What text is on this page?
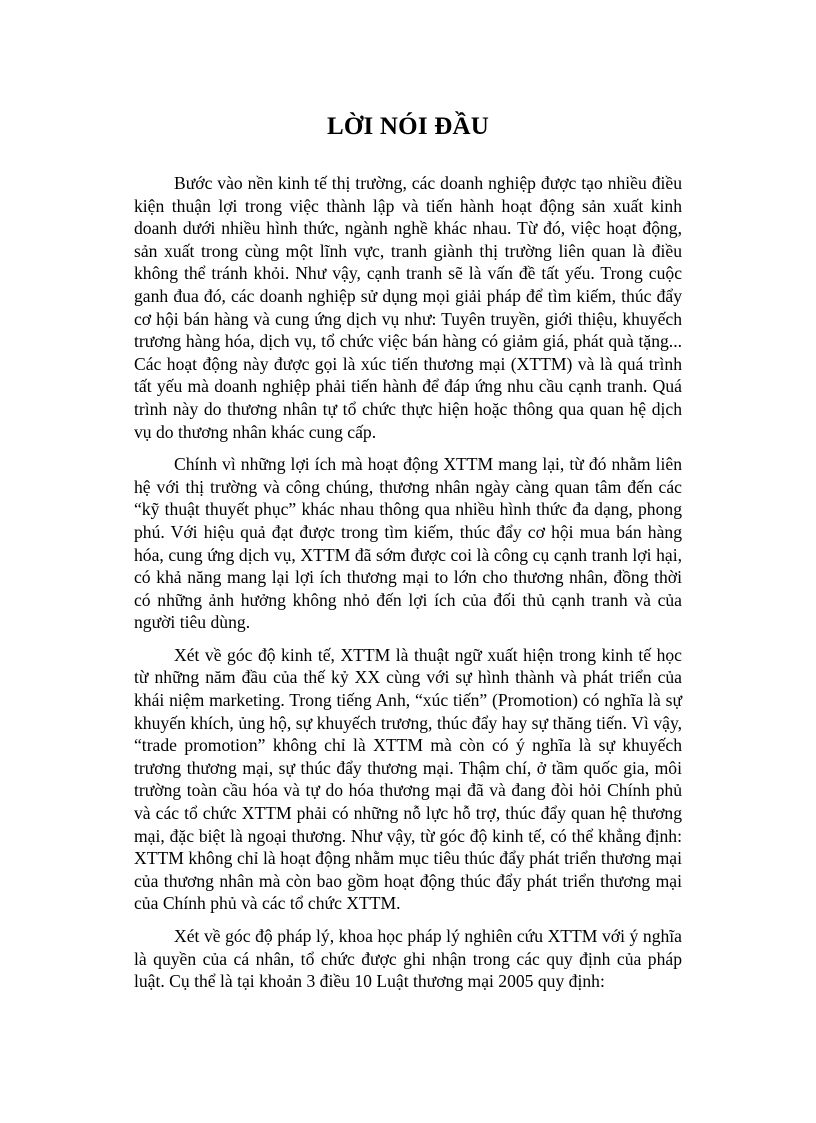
LỜI NÓI ĐẦU

Bước vào nền kinh tế thị trường, các doanh nghiệp được tạo nhiều điều kiện thuận lợi trong việc thành lập và tiến hành hoạt động sản xuất kinh doanh dưới nhiều hình thức, ngành nghề khác nhau. Từ đó, việc hoạt động, sản xuất trong cùng một lĩnh vực, tranh giành thị trường liên quan là điều không thể tránh khỏi. Như vậy, cạnh tranh sẽ là vấn đề tất yếu. Trong cuộc ganh đua đó, các doanh nghiệp sử dụng mọi giải pháp để tìm kiếm, thúc đẩy cơ hội bán hàng và cung ứng dịch vụ như: Tuyên truyền, giới thiệu, khuyếch trương hàng hóa, dịch vụ, tổ chức việc bán hàng có giảm giá, phát quà tặng... Các hoạt động này được gọi là xúc tiến thương mại (XTTM) và là quá trình tất yếu mà doanh nghiệp phải tiến hành để đáp ứng nhu cầu cạnh tranh. Quá trình này do thương nhân tự tổ chức thực hiện hoặc thông qua quan hệ dịch vụ do thương nhân khác cung cấp.

Chính vì những lợi ích mà hoạt động XTTM mang lại, từ đó nhằm liên hệ với thị trường và công chúng, thương nhân ngày càng quan tâm đến các “kỹ thuật thuyết phục” khác nhau thông qua nhiều hình thức đa dạng, phong phú. Với hiệu quả đạt được trong tìm kiếm, thúc đẩy cơ hội mua bán hàng hóa, cung ứng dịch vụ, XTTM đã sớm được coi là công cụ cạnh tranh lợi hại, có khả năng mang lại lợi ích thương mại to lớn cho thương nhân, đồng thời có những ảnh hưởng không nhỏ đến lợi ích của đối thủ cạnh tranh và của người tiêu dùng.

Xét về góc độ kinh tế, XTTM là thuật ngữ xuất hiện trong kinh tế học từ những năm đầu của thế kỷ XX cùng với sự hình thành và phát triển của khái niệm marketing. Trong tiếng Anh, “xúc tiến” (Promotion) có nghĩa là sự khuyến khích, ủng hộ, sự khuyếch trương, thúc đẩy hay sự thăng tiến. Vì vậy, “trade promotion” không chỉ là XTTM mà còn có ý nghĩa là sự khuyếch trương thương mại, sự thúc đẩy thương mại. Thậm chí, ở tầm quốc gia, môi trường toàn cầu hóa và tự do hóa thương mại đã và đang đòi hỏi Chính phủ và các tổ chức XTTM phải có những nỗ lực hỗ trợ, thúc đẩy quan hệ thương mại, đặc biệt là ngoại thương. Như vậy, từ góc độ kinh tế, có thể khẳng định: XTTM không chỉ là hoạt động nhằm mục tiêu thúc đẩy phát triển thương mại của thương nhân mà còn bao gồm hoạt động thúc đẩy phát triển thương mại của Chính phủ và các tổ chức XTTM.

Xét về góc độ pháp lý, khoa học pháp lý nghiên cứu XTTM với ý nghĩa là quyền của cá nhân, tổ chức được ghi nhận trong các quy định của pháp luật. Cụ thể là tại khoản 3 điều 10 Luật thương mại 2005 quy định:
